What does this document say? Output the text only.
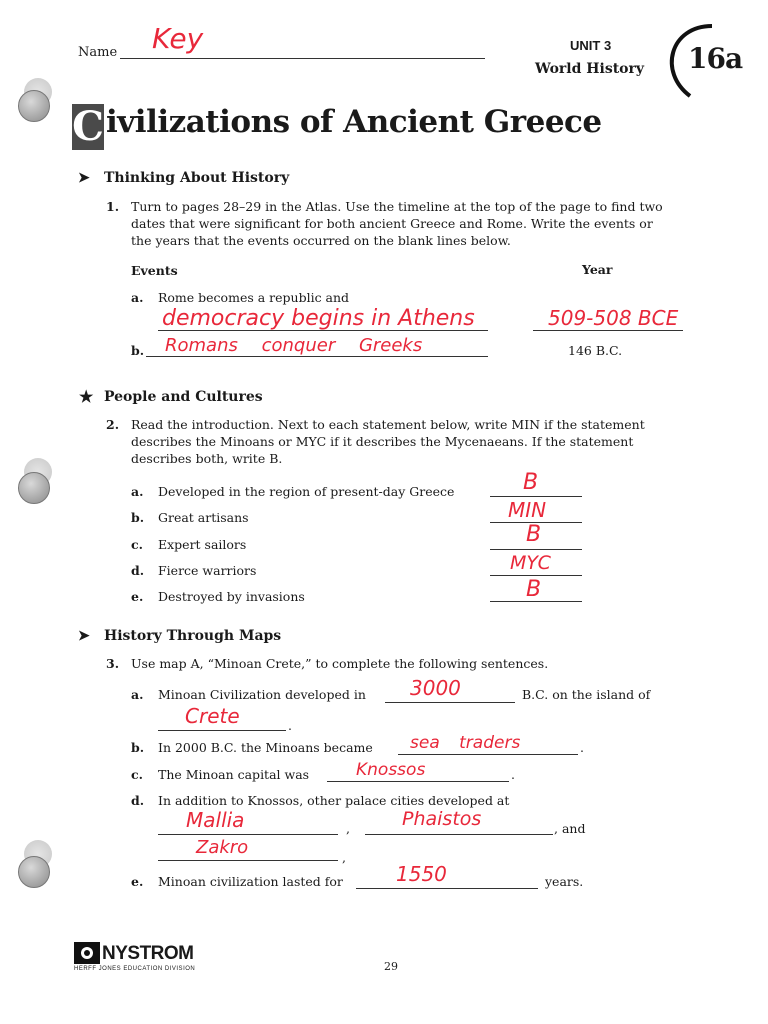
Name Key	UNIT 3
World History 16a
C ivilizations of Ancient Greece
➤ Thinking About History
1. Turn to pages 28–29 in the Atlas. Use the timeline at the top of the page to find two
dates that were significant for both ancient Greece and Rome. Write the events or
the years that the events occurred on the blank lines below.
Events	Year
a. Rome becomes a republic and
democracy begins in Athens	509-508 BCE
b. Romans conquer Greeks	146 B.C.
★ People and Cultures
2. Read the introduction. Next to each statement below, write MIN if the statement
describes the Minoans or MYC if it describes the Mycenaeans. If the statement
describes both, write B.
a. Developed in the region of present-day Greece	B
b. Great artisans	MIN
c. Expert sailors	B
d. Fierce warriors	MYC
e. Destroyed by invasions	B
➤ History Through Maps
3. Use map A, “Minoan Crete,” to complete the following sentences.
a. Minoan Civilization developed in 3000	B.C. on the island of
Crete	.
b. In 2000 B.C. the Minoans became sea traders	.
c. The Minoan capital was	Knossos	.
d. In addition to Knossos, other palace cities developed at
Mallia	,	Phaistos	, and
Zakro	,
e. Minoan civilization lasted for	1550	years.
NYSTROM
HERFF JONES EDUCATION DIVISION	29
